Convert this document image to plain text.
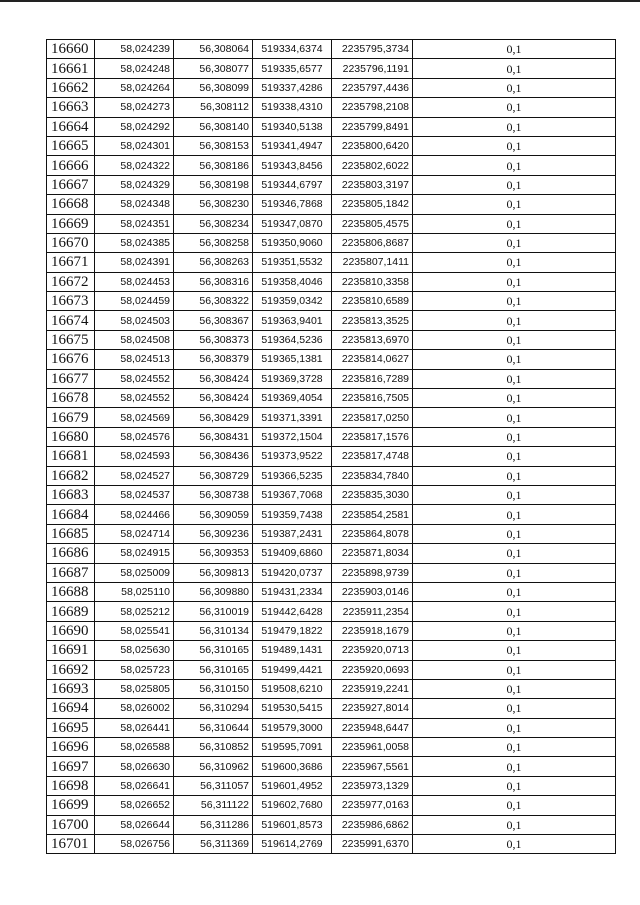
16660	58,024239	56,308064	519334,6374	2235795,3734	0,1
16661	58,024248	56,308077	519335,6577	2235796,1191	0,1
16662	58,024264	56,308099	519337,4286	2235797,4436	0,1
16663	58,024273	56,308112	519338,4310	2235798,2108	0,1
16664	58,024292	56,308140	519340,5138	2235799,8491	0,1
16665	58,024301	56,308153	519341,4947	2235800,6420	0,1
16666	58,024322	56,308186	519343,8456	2235802,6022	0,1
16667	58,024329	56,308198	519344,6797	2235803,3197	0,1
16668	58,024348	56,308230	519346,7868	2235805,1842	0,1
16669	58,024351	56,308234	519347,0870	2235805,4575	0,1
16670	58,024385	56,308258	519350,9060	2235806,8687	0,1
16671	58,024391	56,308263	519351,5532	2235807,1411	0,1
16672	58,024453	56,308316	519358,4046	2235810,3358	0,1
16673	58,024459	56,308322	519359,0342	2235810,6589	0,1
16674	58,024503	56,308367	519363,9401	2235813,3525	0,1
16675	58,024508	56,308373	519364,5236	2235813,6970	0,1
16676	58,024513	56,308379	519365,1381	2235814,0627	0,1
16677	58,024552	56,308424	519369,3728	2235816,7289	0,1
16678	58,024552	56,308424	519369,4054	2235816,7505	0,1
16679	58,024569	56,308429	519371,3391	2235817,0250	0,1
16680	58,024576	56,308431	519372,1504	2235817,1576	0,1
16681	58,024593	56,308436	519373,9522	2235817,4748	0,1
16682	58,024527	56,308729	519366,5235	2235834,7840	0,1
16683	58,024537	56,308738	519367,7068	2235835,3030	0,1
16684	58,024466	56,309059	519359,7438	2235854,2581	0,1
16685	58,024714	56,309236	519387,2431	2235864,8078	0,1
16686	58,024915	56,309353	519409,6860	2235871,8034	0,1
16687	58,025009	56,309813	519420,0737	2235898,9739	0,1
16688	58,025110	56,309880	519431,2334	2235903,0146	0,1
16689	58,025212	56,310019	519442,6428	2235911,2354	0,1
16690	58,025541	56,310134	519479,1822	2235918,1679	0,1
16691	58,025630	56,310165	519489,1431	2235920,0713	0,1
16692	58,025723	56,310165	519499,4421	2235920,0693	0,1
16693	58,025805	56,310150	519508,6210	2235919,2241	0,1
16694	58,026002	56,310294	519530,5415	2235927,8014	0,1
16695	58,026441	56,310644	519579,3000	2235948,6447	0,1
16696	58,026588	56,310852	519595,7091	2235961,0058	0,1
16697	58,026630	56,310962	519600,3686	2235967,5561	0,1
16698	58,026641	56,311057	519601,4952	2235973,1329	0,1
16699	58,026652	56,311122	519602,7680	2235977,0163	0,1
16700	58,026644	56,311286	519601,8573	2235986,6862	0,1
16701	58,026756	56,311369	519614,2769	2235991,6370	0,1
